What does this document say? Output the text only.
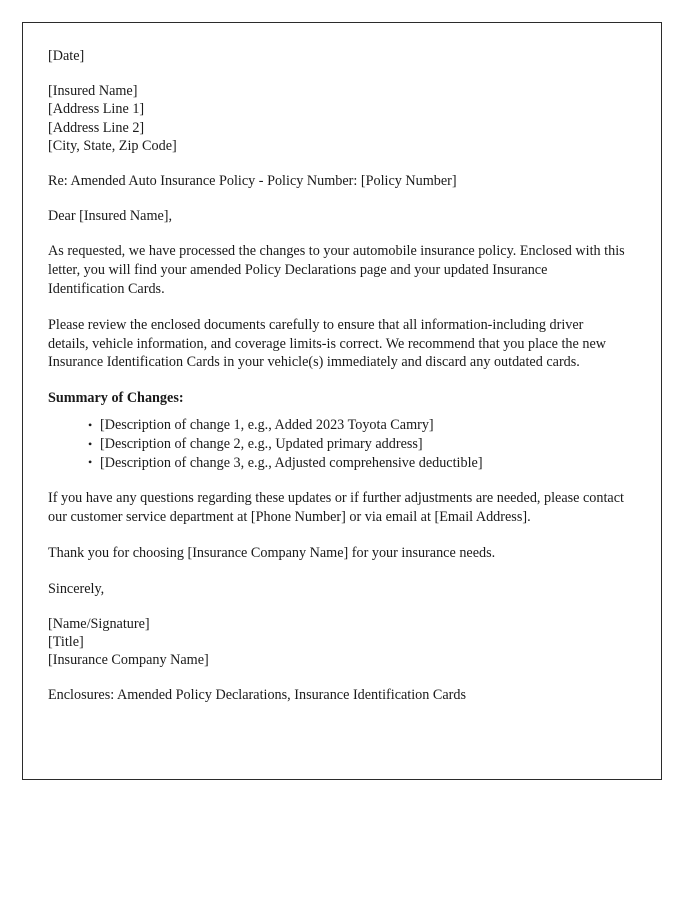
[Date]
[Insured Name]
[Address Line 1]
[Address Line 2]
[City, State, Zip Code]
Re: Amended Auto Insurance Policy - Policy Number: [Policy Number]
Dear [Insured Name],

As requested, we have processed the changes to your automobile insurance policy. Enclosed with this letter, you will find your amended Policy Declarations page and your updated Insurance Identification Cards.

Please review the enclosed documents carefully to ensure that all information-including driver details, vehicle information, and coverage limits-is correct. We recommend that you place the new Insurance Identification Cards in your vehicle(s) immediately and discard any outdated cards.

Summary of Changes:
• [Description of change 1, e.g., Added 2023 Toyota Camry]
• [Description of change 2, e.g., Updated primary address]
• [Description of change 3, e.g., Adjusted comprehensive deductible]

If you have any questions regarding these updates or if further adjustments are needed, please contact our customer service department at [Phone Number] or via email at [Email Address].

Thank you for choosing [Insurance Company Name] for your insurance needs.

Sincerely,
[Name/Signature]
[Title]
[Insurance Company Name]
Enclosures: Amended Policy Declarations, Insurance Identification Cards
